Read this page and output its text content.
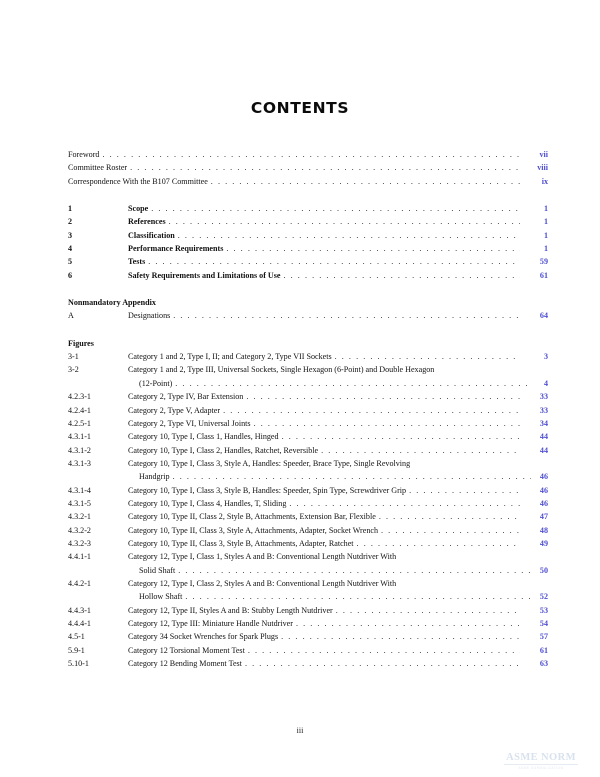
CONTENTS
Foreword . . .	vii
Committee Roster . . .	viii
Correspondence With the B107 Committee . . .	ix
1	Scope . . .	1
2	References . . .	1
3	Classification . . .	1
4	Performance Requirements . . .	1
5	Tests . . .	59
6	Safety Requirements and Limitations of Use . . .	61
Nonmandatory Appendix
A	Designations . . .	64
Figures
3-1	Category 1 and 2, Type I, II; and Category 2, Type VII Sockets . . .	3
3-2	Category 1 and 2, Type III, Universal Sockets, Single Hexagon (6-Point) and Double Hexagon
(12-Point) . . .	4
4.2.3-1	Category 2, Type IV, Bar Extension . . .	33
4.2.4-1	Category 2, Type V, Adapter . . .	33
4.2.5-1	Category 2, Type VI, Universal Joints . . .	34
4.3.1-1	Category 10, Type I, Class 1, Handles, Hinged . . .	44
4.3.1-2	Category 10, Type I, Class 2, Handles, Ratchet, Reversible . . .	44
4.3.1-3	Category 10, Type I, Class 3, Style A, Handles: Speeder, Brace Type, Single Revolving
Handgrip . . .	46
4.3.1-4	Category 10, Type I, Class 3, Style B, Handles: Speeder, Spin Type, Screwdriver Grip . . .	46
4.3.1-5	Category 10, Type I, Class 4, Handles, T, Sliding . . .	46
4.3.2-1	Category 10, Type II, Class 2, Style B, Attachments, Extension Bar, Flexible . . .	47
4.3.2-2	Category 10, Type II, Class 3, Style A, Attachments, Adapter, Socket Wrench . . .	48
4.3.2-3	Category 10, Type II, Class 3, Style B, Attachments, Adapter, Ratchet . . .	49
4.4.1-1	Category 12, Type I, Class 1, Styles A and B: Conventional Length Nutdriver With
Solid Shaft . . .	50
4.4.2-1	Category 12, Type I, Class 2, Styles A and B: Conventional Length Nutdriver With
Hollow Shaft . . .	52
4.4.3-1	Category 12, Type II, Styles A and B: Stubby Length Nutdriver . . .	53
4.4.4-1	Category 12, Type III: Miniature Handle Nutdriver . . .	54
4.5-1	Category 34 Socket Wrenches for Spark Plugs . . .	57
5.9-1	Category 12 Torsional Moment Test . . .	61
5.10-1	Category 12 Bending Moment Test . . .	63
iii
ASME NORM
ASME NORMALIZATION
